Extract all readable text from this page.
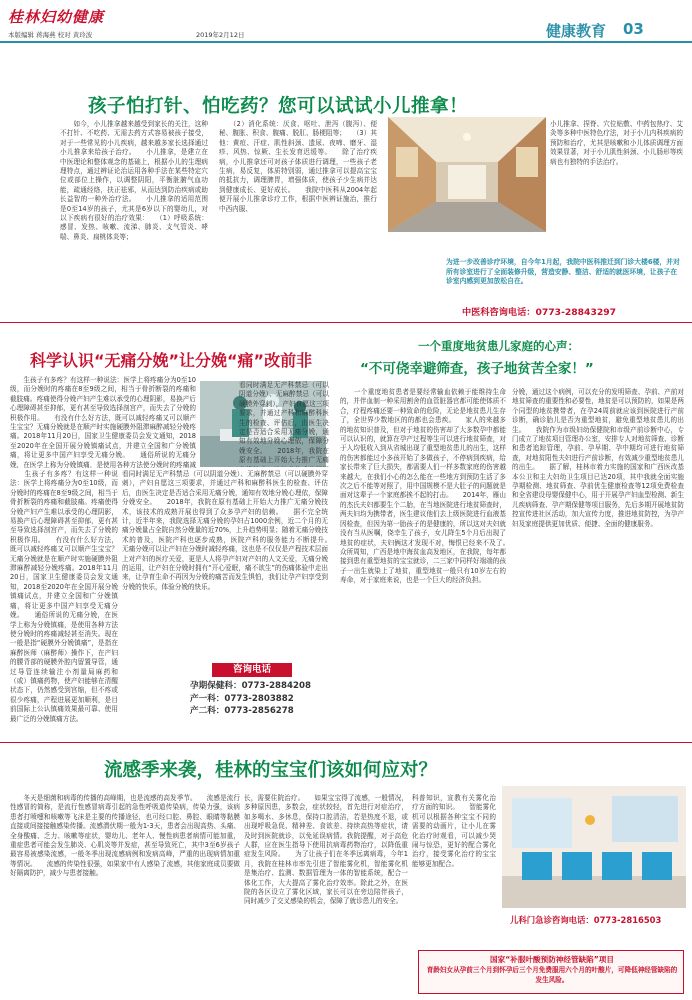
桂林妇幼健康
本版编辑 蒋海燕 校对 黄玲波	2019年2月12日	健康教育 03
孩子怕打针、怕吃药？您可以试试小儿推拿！
　　如今，小儿推拿越来越受到家长的关注，这种不打针、不吃药、无需去药方式容易被孩子接受，对于一些常见的小儿疾病，越来越多家长选择通过小儿推拿来给孩子治疗。　　小儿推拿，是建立在中医理论和整体观念的基础上，根据小儿的生理病理特点，通过辨证论治运用各种手法在某些特定穴位或部位上操作，以调整阴阳，平衡脏腑气血功能，疏通经络，扶正祛邪，从而达到防治疾病或助长益智的一种外治疗法。　　小儿推拿的适用范围是0至14岁的孩子，尤其是6岁以下的婴幼儿，对以下疾病有很好的治疗效果：　　（1）呼吸系统：感冒、发热、咳嗽、流涕、肺炎、支气管炎、哮喘、鼻炎、扁桃体炎等；
　　（2）消化系统：厌食、呕吐、泄泻（腹泻）、便秘、腹胀、积食、腹痛、脱肛、肠梗阻等；　　（3）其他：黄疸、汗症、肌性斜颈、遗尿、夜啼、磨牙、湿疹、风热、惊厥、生长发育迟缓等。　　除了治疗疾病，小儿推拿还可对孩子体质进行调理，一些孩子老生病，易反复，体质特别弱，通过推拿可以提高宝宝的抵抗力，调理脾胃，增强体质，使孩子少生病并达到健康成长、更好成长。　　我院中医科从2004年起便开展小儿推拿诊疗工作，根据中医辨证施治，推行中西内服、
小儿推拿、捏脊、穴位贴敷、中药包热疗、艾灸等多种中医特色疗法，对于小儿内科疾病的预防和治疗，尤其是咳嗽和小儿体质调理方面效果显著，对于小儿肌性斜颈、小儿肠形等疾病也有独特的手法治疗。
为进一步改善诊疗环境，自今年1月起，我院中医科推迁到门诊大楼6楼，并对所有诊室进行了全面装修升级，营造安静、整洁、舒适的就医环境，让孩子在诊室内感到更加放松自在。
中医科咨询电话：0773-28843297
科学认识“无痛分娩”让分娩“痛”改前非
　　生孩子有多疼？有这样一种说法：医学上将疼痛分为0至10级，而分娩时的疼痛在8至9级之间，相当于骨折断裂的疼痛和截肢痛。疼痛使得分娩产妇产生难以承受的心理阴影，易换产后心理障碍甚至抑郁，更有甚至导致选择剖宫产，而失去了分娩的积极作用。　　有没有什么好方法，既可以减轻疼痛又可以顺产生宝宝？无痛分娩就是在顺产时实施硬膜外阻滞麻醉减轻分娩疼痛。2018年11月20日，国家卫生健康委员会发文通知，2018至2020年在全国开展分娩镇痛试点，并建立全国和广分娩镇痛，将让更多中国产妇享受无痛分娩。　　通俗所说的无痛分娩，在医学上称为分娩镇痛，是使用各种方法使分娩时的疼痛减
　　生孩子有多疼？有这样一种说法：医学上将疼痛分为0至10级，而分娩时的疼痛在8至9级之间，相当于骨折断裂的疼痛和截肢痛。疼痛使得分娩产妇产生难以承受的心理阴影，易换产后心理障碍甚至抑郁，更有甚至导致选择剖宫产，而失去了分娩的积极作用。　　有没有什么好方法，既可以减轻疼痛又可以顺产生宝宝？无痛分娩就是在顺产时实施硬膜外阻滞麻醉减轻分娩疼痛。2018年11月20日，国家卫生健康委员会发文通知，2018至2020年在全国开展分娩镇痛试点，并建立全国和广分娩镇痛，将让更多中国产妇享受无痛分娩。　　通俗所说的无痛分娩，在医学上称为分娩镇痛，是使用各种方法使分娩时的疼痛减轻甚至消失。现在一般是指“硬膜外分娩镇痛”，是指在麻醉医师（麻醉师）操作下，在产妇的腰背部的硬膜外腔内留置导管，通过导管连续输注小剂量局麻药和（或）镇痛药物，使产妇能够在清醒状态下，仍然感受到宫缩，但不疼或很少疼痛，产程进展更加顺利，是目前国际上公认镇痛效果最可靠、使用最广泛的分娩镇痛方法。
看同时满足无产科禁忌（可以阴道分娩）、无麻醉禁忌（可以硬膜外穿刺），产妇自愿这三项要求，并通过产科和麻醉科医生的检查、评估后，由医生决定是否适合采用无痛分娩，通知有效地分娩心理依，保障分娩安全。　　2018年，我院在原有基础上开始大力推广无痛分娩技术，该技术的成熟开展也得到了众多孕产妇的信赖。　　据不完全统计，近半年来，我院选择无痛分娩的孕妇占1000余例，近二个月的无痛分娩量占全院自然分娩量的近70%，上升趋势明显；随着无痛分娩技术的普及，医院产科也逐步成熟，医院产科的服务能力不断提升。　　无痛分娩可以让产妇在分娩时减轻疼痛，这也是不仅仅是产程技术层面上对产妇的医疗关爱，更是人人将孕产妇对产妇的人文关爱，无痛分娩的运用，让产妇在分娩时拥有“开心爱眠，痛不欲生”的伤痛体验中走出来，让孕育生命不再因为分娩的痛苦而发生惧怕，我们让孕产妇享受到分娩的快乐，体验分娩的快乐。
看同时满足无产科禁忌（可以阴道分娩）、无麻醉禁忌（可以硬膜外穿刺），产妇自愿这三项要求，并通过产科和麻醉科医生的检查、评估后，由医生决定是否适合采用无痛分娩，通知有效地分娩心理依，保障分娩安全。　　2018年，我院在原有基础上开始大力推广无痛　　　　
咨询电话
孕期保健科：0773-2884208
产一科：0773-2803882
产二科：0773-2856278
一个重度地贫患儿家庭的心声：
“不可侥幸避筛查，孩子地贫苦全家！”
　　一个重度地贫患者是要经常输血依赖于能维持生命的，并伴血制一种采用割舍的血管脏器官都可能使体质不合，疗程疼痛还要一种致命的危险，无论是地贫患儿生存了，全世界少数地区的的都也会患疾。　　家人的来越多的地贫知识普及，但对于地贫的伤害却了大多数孕中都能可以认识的，就算在孕产过程等生可以进行地贫筛查，对于人均低收入到从省城出现了重型地贫患儿的出生，这样的伤害都能过小多孩开始了多做孩子，不停病到疾病，给家长带来了巨大损失，都需要人们一样多数家庭的伤害越来越大，在我们小心的怎么能在一些地方到预防生活了多次之后不能等对照了，用中国规模不是大肚子的问题就是面对这辈子一个家庭都挨不起的打击。　　2014年，雁山的杰氏夫妇都要生个二胎，在当地医院进行地贫筛查时，两夫妇均为携带者，医生建议他们去上级医院进行血液基因检查，但因为第一胎孩子的是健康的，所以这对夫妇就没有当从医嘱，侥幸生了孩子，女儿降生5个月后出现了地贫的症状，夫妇俩这才发现不对，悔恨已经来不及了。　　众所周知，广西是地中海贫血高发地区，在我院，每年都接到患有重型地贫的宝宝就诊，二三家中同样好端端的孩子一出生就染上了地贫，重型地贫一般只有10岁左右的寿命，对于家庭来说，也是一个巨大的经济负担。
分娩，通过这个病例，可以充分的发明筛查、孕前、产前对地贫筛查的重要性和必要性，地贫是可以预防的，如果是两个同型的地贫携带者，在孕24周前就应该到医院进行产前诊断，确诊胎儿是否为重型地贫，避免重型地贫患儿的出生。　　我院作为市级妇幼保健院和市级产前诊断中心，专门成立了地贫项目管理办公室，安排专人对地贫筛查、诊断和患者追踪管理，孕前、孕早期、孕中期均可进行地贫筛查，对地贫阳性夫妇进行产前诊断，有效减少重型地贫患儿的出生。　　据了解，桂林市着力实施的国家和广西医改基本公卫和主大妇幼卫生项目已达20项，其中我就全面实施孕期检测、地贫筛查、孕前优生健康检查等12项免费检查和全省建设母婴保健中心，用于开展孕产妇血型检测、新生儿疾病筛查、孕产期保健等项目服务，先后多期开展地贫防控宣传进社区活动，加大宣传力度，推进地贫防控，为孕产妇及家庭提供更加优质、便捷、全面的健康服务。
流感季来袭，桂林的宝宝们该如何应对？
　　冬天是细菌和病毒的传播的高峰期，也是流感的高发季节。　　流感是流行性感冒的简称，是流行性感冒病毒引起的急性呼吸道传染病，传染力强，该病患者打喷嚏和咳嗽等飞沫是主要的传播途径，也可经口腔、鼻腔、眼睛等黏膜直接或间接接触感染传播。流感潜伏期一般为1-3天，患者会出现高热、头痛、全身酸痛、乏力、咳嗽等症状，婴幼儿、老年人、慢性病患者病情可能加重，重症患者可能会发生肺炎、心肌炎等并发症，甚至导致死亡，其中3至6岁孩子最容易被感染流感，一般冬季出现流感病例和发病高峰，严重的出现病情加重等情况。　　流感的传染性很强，如果家中有人感染了流感，其他家庭成员要做好隔离防护，减少与患者接触。
长，需要住院治疗。　　如果宝宝得了流感，一般情况，多种原因患，多数会，症状较轻，首先进行对症治疗，如多喝水、多休息，保持口腔清洁，若是热度不退，或出现呼吸急促、精神差、食欲差、持续高热等症状，请及时到医院就诊，以免延误病情。我院提醒，对于高危人群，应在医生指导下使用抗病毒药物治疗，以降低重症发生风险。　　为了让孩子们在冬季远离病毒，今年1月，我院在桂林市率先引进了智能雾化机，智能雾化机是集治疗、监测、数据管理为一体的智能系统，配合一体化工作，大大提高了雾化治疗效率。除此之外，在医院的各区设立了雾化区域，家长可以在旁边陪伴孩子，同时减少了交叉感染的机会，保障了就诊患儿的安全。
科普知识，宣教有关雾化治疗方面的知识。　　智能雾化机可以根据各种宝宝不同的需要的动画片，让小儿在雾化治疗时观看，可以减少哭闹与惊恐，更好的配合雾化治疗，接受雾化治疗的宝宝能够更加配合。
儿科门急诊咨询电话：0773-2816503
国家“补服叶酸预防神经管缺陷”项目
育龄妇女从孕前三个月到怀孕后三个月免费服用六个月的叶酸片，可降低神经管缺陷的发生风险。
